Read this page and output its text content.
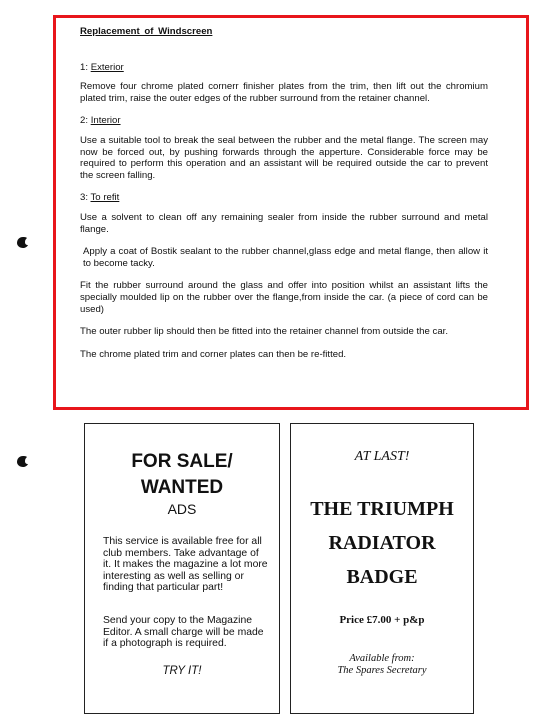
Replacement of Windscreen
1: Exterior

Remove four chrome plated cornerr finisher plates from the trim, then lift out the chromium plated trim, raise the outer edges of the rubber surround from the retainer channel.

2: Interior

Use a suitable tool to break the seal between the rubber and the metal flange. The screen may now be forced out, by pushing forwards through the apperture. Considerable force may be required to perform this operation and an assistant will be required outside the car to prevent the screen falling.

3: To refit

Use a solvent to clean off any remaining sealer from inside the rubber surround and metal flange.

Apply a coat of Bostik sealant to the rubber channel,glass edge and metal flange, then allow it to become tacky.

Fit the rubber surround around the glass and offer into position whilst an assistant lifts the specially moulded lip on the rubber over the flange,from inside the car. (a piece of cord can be used)

The outer rubber lip should then be fitted into the retainer channel from outside the car.

The chrome plated trim and corner plates can then be re-fitted.

FOR SALE/
WANTED
ADS
This service is available free for all club members. Take advantage of it. It makes the magazine a lot more interesting as well as selling or finding that particular part!
Send your copy to the Magazine Editor. A small charge will be made if a photograph is required.
TRY IT!
AT LAST!
THE TRIUMPH
RADIATOR
BADGE
Price £7.00 + p&p
Available from:
The Spares Secretary
